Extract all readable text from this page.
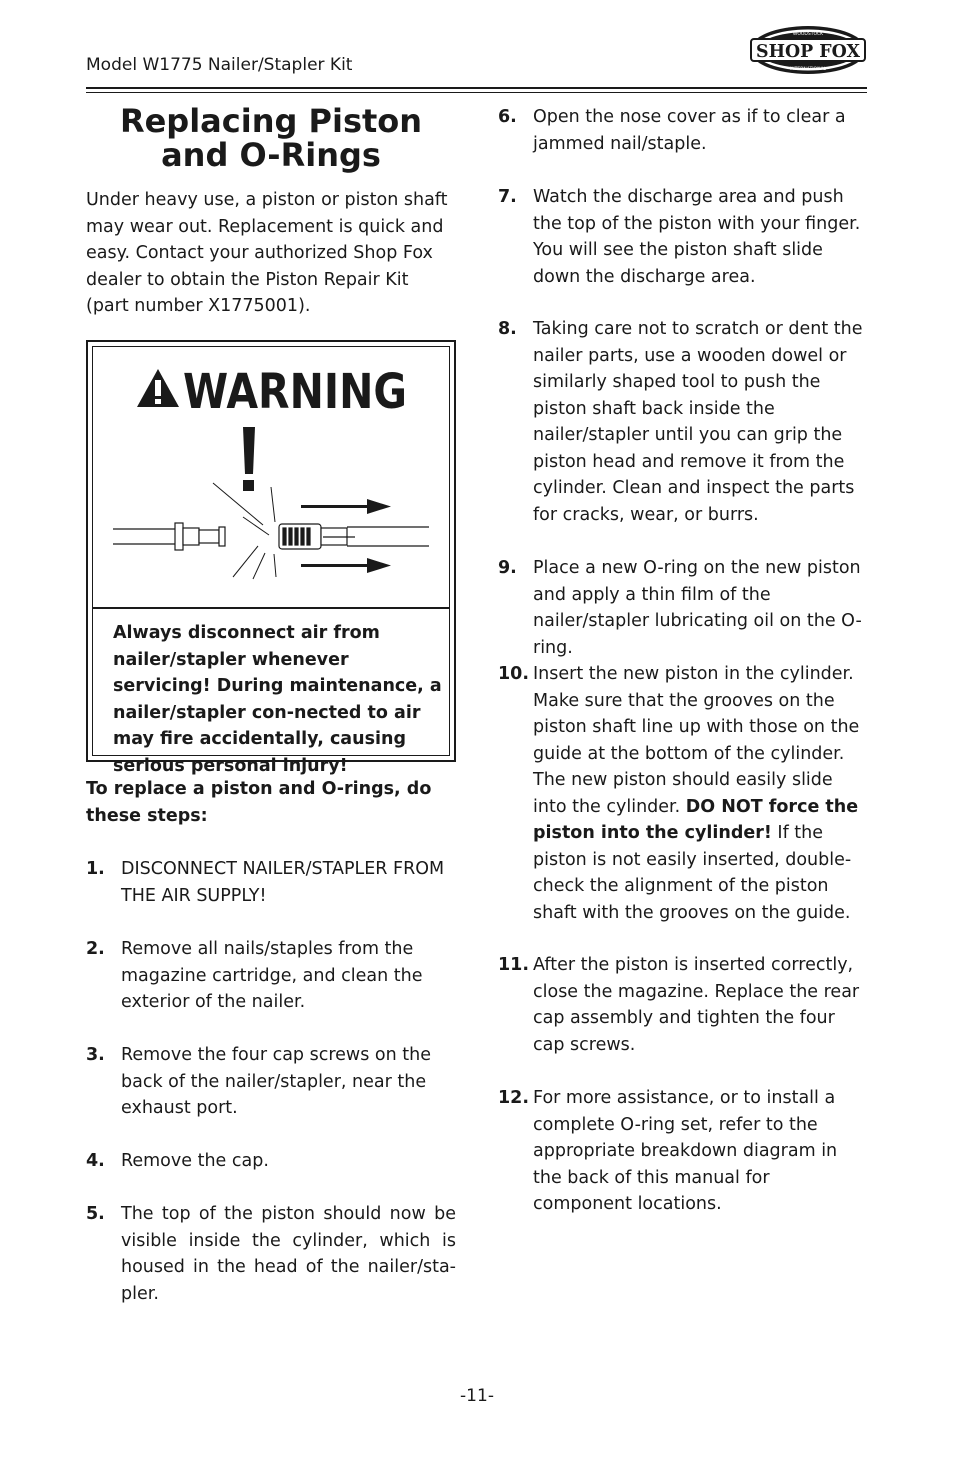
Model W1775 Nailer/Stapler Kit
SHOP FOX
WOODSTOCK
INTERNATIONAL
Replacing Piston and O-Rings

Under heavy use, a piston or piston shaft may wear out. Replacement is quick and easy. Contact your authorized Shop Fox dealer to obtain the Piston Repair Kit (part number X1775001).

WARNING
Always disconnect air from nailer/stapler whenever servicing! During maintenance, a nailer/stapler con-nected to air may fire accidentally, causing serious personal injury!
To replace a piston and O-rings, do these steps:
1. DISCONNECT NAILER/STAPLER FROM THE AIR SUPPLY!
2. Remove all nails/staples from the magazine cartridge, and clean the exterior of the nailer.
3. Remove the four cap screws on the back of the nailer/stapler, near the exhaust port.
4. Remove the cap.
5. The top of the piston should now be visible inside the cylinder, which is housed in the head of the nailer/sta-pler.
6. Open the nose cover as if to clear a jammed nail/staple.
7. Watch the discharge area and push the top of the piston with your finger. You will see the piston shaft slide down the discharge area.
8. Taking care not to scratch or dent the nailer parts, use a wooden dowel or similarly shaped tool to push the piston shaft back inside the nailer/stapler until you can grip the piston head and remove it from the cylinder. Clean and inspect the parts for cracks, wear, or burrs.
9. Place a new O-ring on the new piston and apply a thin film of the nailer/stapler lubricating oil on the O-ring.
10. Insert the new piston in the cylinder. Make sure that the grooves on the piston shaft line up with those on the guide at the bottom of the cylinder. The new piston should easily slide into the cylinder. DO NOT force the piston into the cylinder! If the piston is not easily inserted, double-check the alignment of the piston shaft with the grooves on the guide.
11. After the piston is inserted correctly, close the magazine. Replace the rear cap assembly and tighten the four cap screws.
12. For more assistance, or to install a complete O-ring set, refer to the appropriate breakdown diagram in the back of this manual for component locations.
-11-
